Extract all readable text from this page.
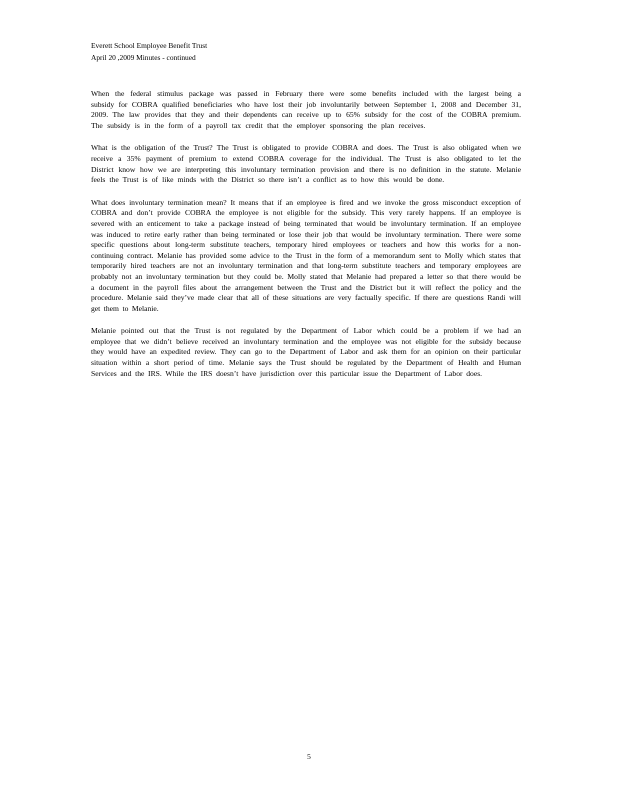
Everett School Employee Benefit Trust
April 20 ,2009 Minutes - continued

When the federal stimulus package was passed in February there were some benefits included with the largest being a subsidy for COBRA qualified beneficiaries who have lost their job involuntarily between September 1, 2008 and December 31, 2009. The law provides that they and their dependents can receive up to 65% subsidy for the cost of the COBRA premium. The subsidy is in the form of a payroll tax credit that the employer sponsoring the plan receives.

What is the obligation of the Trust? The Trust is obligated to provide COBRA and does. The Trust is also obligated when we receive a 35% payment of premium to extend COBRA coverage for the individual. The Trust is also obligated to let the District know how we are interpreting this involuntary termination provision and there is no definition in the statute. Melanie feels the Trust is of like minds with the District so there isn’t a conflict as to how this would be done.

What does involuntary termination mean? It means that if an employee is fired and we invoke the gross misconduct exception of COBRA and don’t provide COBRA the employee is not eligible for the subsidy. This very rarely happens. If an employee is severed with an enticement to take a package instead of being terminated that would be involuntary termination. If an employee was induced to retire early rather than being terminated or lose their job that would be involuntary termination. There were some specific questions about long-term substitute teachers, temporary hired employees or teachers and how this works for a non-continuing contract. Melanie has provided some advice to the Trust in the form of a memorandum sent to Molly which states that temporarily hired teachers are not an involuntary termination and that long-term substitute teachers and temporary employees are probably not an involuntary termination but they could be. Molly stated that Melanie had prepared a letter so that there would be a document in the payroll files about the arrangement between the Trust and the District but it will reflect the policy and the procedure. Melanie said they’ve made clear that all of these situations are very factually specific. If there are questions Randi will get them to Melanie.

Melanie pointed out that the Trust is not regulated by the Department of Labor which could be a problem if we had an employee that we didn’t believe received an involuntary termination and the employee was not eligible for the subsidy because they would have an expedited review. They can go to the Department of Labor and ask them for an opinion on their particular situation within a short period of time. Melanie says the Trust should be regulated by the Department of Health and Human Services and the IRS. While the IRS doesn’t have jurisdiction over this particular issue the Department of Labor does.

5
